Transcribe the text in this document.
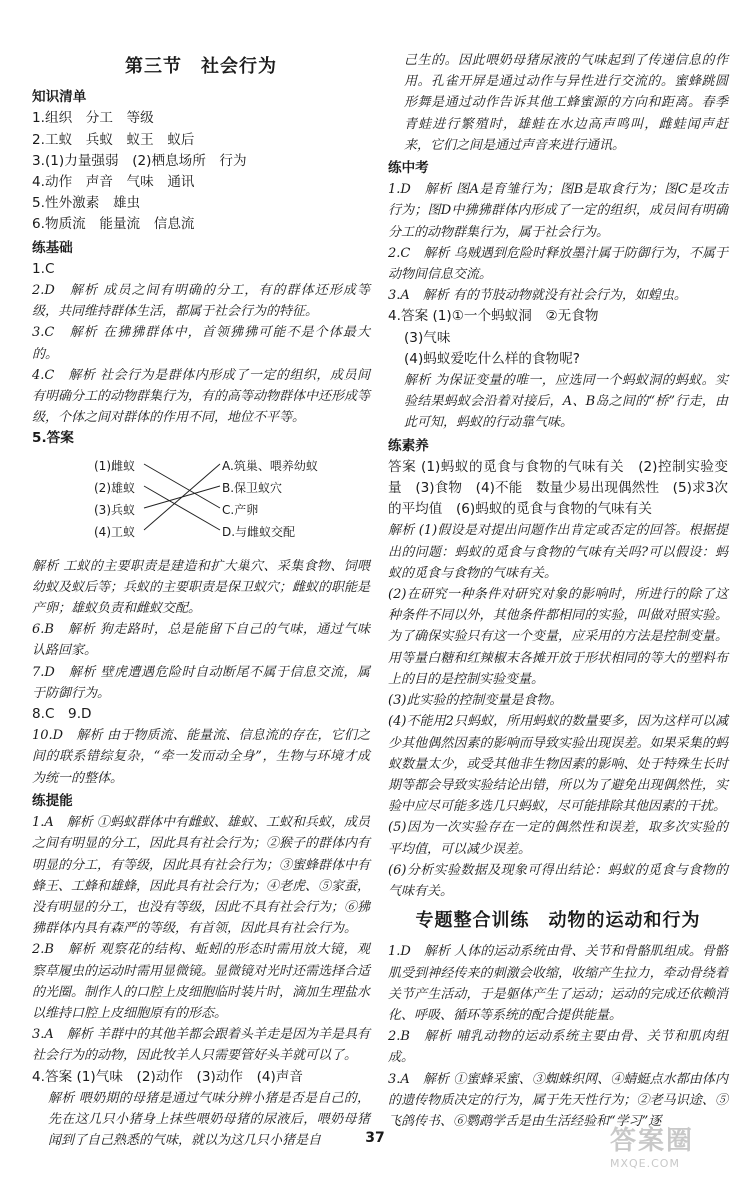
第三节　社会行为
知识清单
1.组织　分工　等级
2.工蚁　兵蚁　蚁王　蚁后
3.(1)力量强弱　(2)栖息场所　行为
4.动作　声音　气味　通讯
5.性外激素　雄虫
6.物质流　能量流　信息流
练基础
1.C
2.D　解析 成员之间有明确的分工，有的群体还形成等级，共同维持群体生活，都属于社会行为的特征。
3.C　解析 在狒狒群体中，首领狒狒可能不是个体最大的。
4.C　解析 社会行为是群体内形成了一定的组织，成员间有明确分工的动物群集行为，有的高等动物群体中还形成等级，个体之间对群体的作用不同，地位不平等。
5.答案
(1)雌蚁
(2)雄蚁
(3)兵蚁
(4)工蚁
A.筑巢、喂养幼蚁
B.保卫蚁穴
C.产卵
D.与雌蚁交配
解析 工蚁的主要职责是建造和扩大巢穴、采集食物、饲喂幼蚁及蚁后等；兵蚁的主要职责是保卫蚁穴；雌蚁的职能是产卵；雄蚁负责和雌蚁交配。
6.B　解析 狗走路时，总是能留下自己的气味，通过气味认路回家。
7.D　解析 壁虎遭遇危险时自动断尾不属于信息交流，属于防御行为。
8.C　9.D
10.D　解析 由于物质流、能量流、信息流的存在，它们之间的联系错综复杂，“牵一发而动全身”，生物与环境才成为统一的整体。
练提能
1.A　解析 ①蚂蚁群体中有雌蚁、雄蚁、工蚁和兵蚁，成员之间有明显的分工，因此具有社会行为；②猴子的群体内有明显的分工，有等级，因此具有社会行为；③蜜蜂群体中有蜂王、工蜂和雄蜂，因此具有社会行为；④老虎、⑤家蚕，没有明显的分工，也没有等级，因此不具有社会行为；⑥狒狒群体内具有森严的等级，有首领，因此具有社会行为。
2.B　解析 观察花的结构、蚯蚓的形态时需用放大镜，观察草履虫的运动时需用显微镜。显微镜对光时还需选择合适的光圈。制作人的口腔上皮细胞临时装片时，滴加生理盐水以维持口腔上皮细胞原有的形态。
3.A　解析 羊群中的其他羊都会跟着头羊走是因为羊是具有社会行为的动物，因此牧羊人只需要管好头羊就可以了。
4.答案 (1)气味　(2)动作　(3)动作　(4)声音
解析 喂奶期的母猪是通过气味分辨小猪是否是自己的，先在这几只小猪身上抹些喂奶母猪的尿液后，喂奶母猪闻到了自己熟悉的气味，就以为这几只小猪是自
己生的。因此喂奶母猪尿液的气味起到了传递信息的作用。孔雀开屏是通过动作与异性进行交流的。蜜蜂跳圆形舞是通过动作告诉其他工蜂蜜源的方向和距离。春季青蛙进行繁殖时，雄蛙在水边高声鸣叫，雌蛙闻声赶来，它们之间是通过声音来进行通讯。
练中考
1.D　解析 图A是育雏行为；图B是取食行为；图C是攻击行为；图D中狒狒群体内形成了一定的组织，成员间有明确分工的动物群集行为，属于社会行为。
2.C　解析 乌贼遇到危险时释放墨汁属于防御行为，不属于动物间信息交流。
3.A　解析 有的节肢动物就没有社会行为，如蝗虫。
4.答案 (1)①一个蚂蚁洞　②无食物
(3)气味
(4)蚂蚁爱吃什么样的食物呢?
解析 为保证变量的唯一，应选同一个蚂蚁洞的蚂蚁。实验结果蚂蚁会沿着对接后，A、B岛之间的“桥”行走，由此可知，蚂蚁的行动靠气味。
练素养
答案 (1)蚂蚁的觅食与食物的气味有关　(2)控制实验变量　(3)食物　(4)不能　数量少易出现偶然性　(5)求3次的平均值　(6)蚂蚁的觅食与食物的气味有关
解析 (1)假设是对提出问题作出肯定或否定的回答。根据提出的问题：蚂蚁的觅食与食物的气味有关吗?可以假设：蚂蚁的觅食与食物的气味有关。
(2)在研究一种条件对研究对象的影响时，所进行的除了这种条件不同以外，其他条件都相同的实验，叫做对照实验。为了确保实验只有这一个变量，应采用的方法是控制变量。用等量白糖和红辣椒末各摊开放于形状相同的等大的塑料布上的目的是控制实验变量。
(3)此实验的控制变量是食物。
(4)不能用2只蚂蚁，所用蚂蚁的数量要多，因为这样可以减少其他偶然因素的影响而导致实验出现误差。如果采集的蚂蚁数量太少，或受其他非生物因素的影响、处于特殊生长时期等都会导致实验结论出错，所以为了避免出现偶然性，实验中应尽可能多选几只蚂蚁，尽可能排除其他因素的干扰。
(5)因为一次实验存在一定的偶然性和误差，取多次实验的平均值，可以减少误差。
(6)分析实验数据及现象可得出结论：蚂蚁的觅食与食物的气味有关。
专题整合训练　动物的运动和行为
1.D　解析 人体的运动系统由骨、关节和骨骼肌组成。骨骼肌受到神经传来的刺激会收缩，收缩产生拉力，牵动骨绕着关节产生活动，于是躯体产生了运动；运动的完成还依赖消化、呼吸、循环等系统的配合提供能量。
2.B　解析 哺乳动物的运动系统主要由骨、关节和肌肉组成。
3.A　解析 ①蜜蜂采蜜、③蜘蛛织网、④蜻蜓点水都由体内的遗传物质决定的行为，属于先天性行为；②老马识途、⑤飞鸽传书、⑥鹦鹉学舌是由生活经验和“学习”逐
37	答案圈
MXQE.COM
